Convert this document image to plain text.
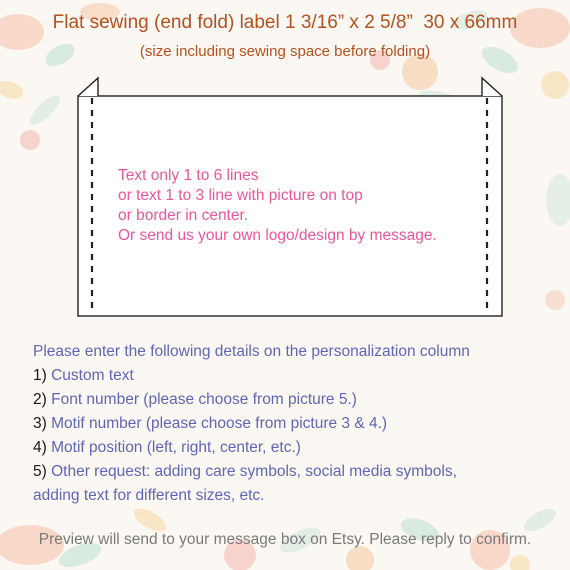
Flat sewing (end fold) label 1 3/16” x 2 5/8”  30 x 66mm
(size including sewing space before folding)
Text only 1 to 6 lines
or text 1 to 3 line with picture on top
or border in center.
Or send us your own logo/design by message.
Please enter the following details on the personalization column
1) Custom text
2) Font number (please choose from picture 5.)
3) Motif number (please choose from picture 3 & 4.)
4) Motif position (left, right, center, etc.)
5) Other request: adding care symbols, social media symbols,
adding text for different sizes, etc.
Preview will send to your message box on Etsy. Please reply to confirm.
